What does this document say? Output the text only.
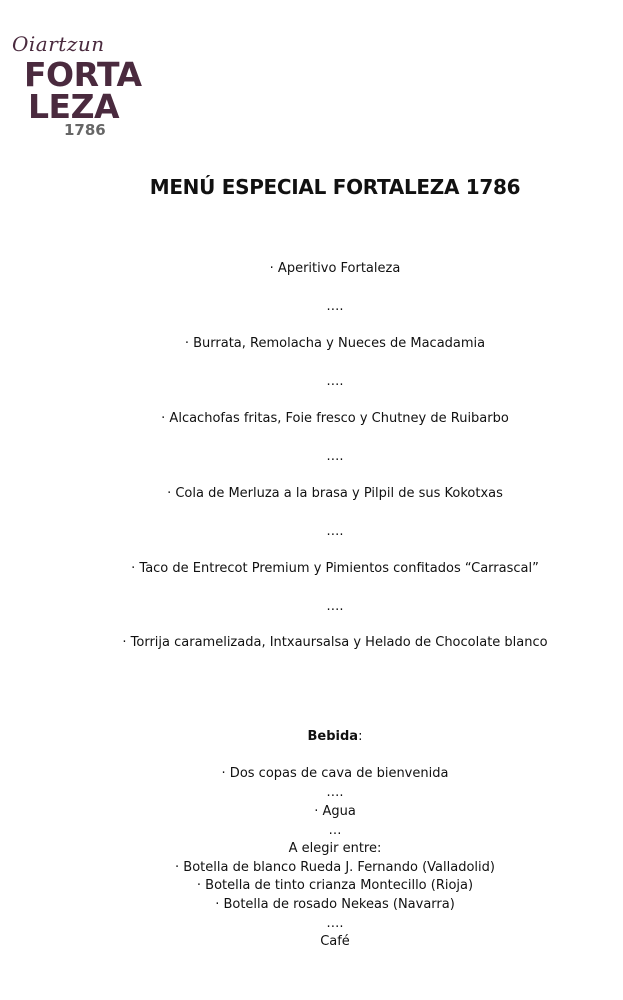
Oiartzun
FORTA
LEZA
1786
MENÚ ESPECIAL FORTALEZA 1786
· Aperitivo Fortaleza
….
· Burrata, Remolacha y Nueces de Macadamia
….
· Alcachofas fritas, Foie fresco y Chutney de Ruibarbo
….
· Cola de Merluza a la brasa y Pilpil de sus Kokotxas
….
· Taco de Entrecot Premium y Pimientos confitados “Carrascal”
….
· Torrija caramelizada, Intxaursalsa y Helado de Chocolate blanco
Bebida:
· Dos copas de cava de bienvenida
….
· Agua
…
A elegir entre:
· Botella de blanco Rueda J. Fernando (Valladolid)
· Botella de tinto crianza Montecillo (Rioja)
· Botella de rosado Nekeas (Navarra)
….
Café
